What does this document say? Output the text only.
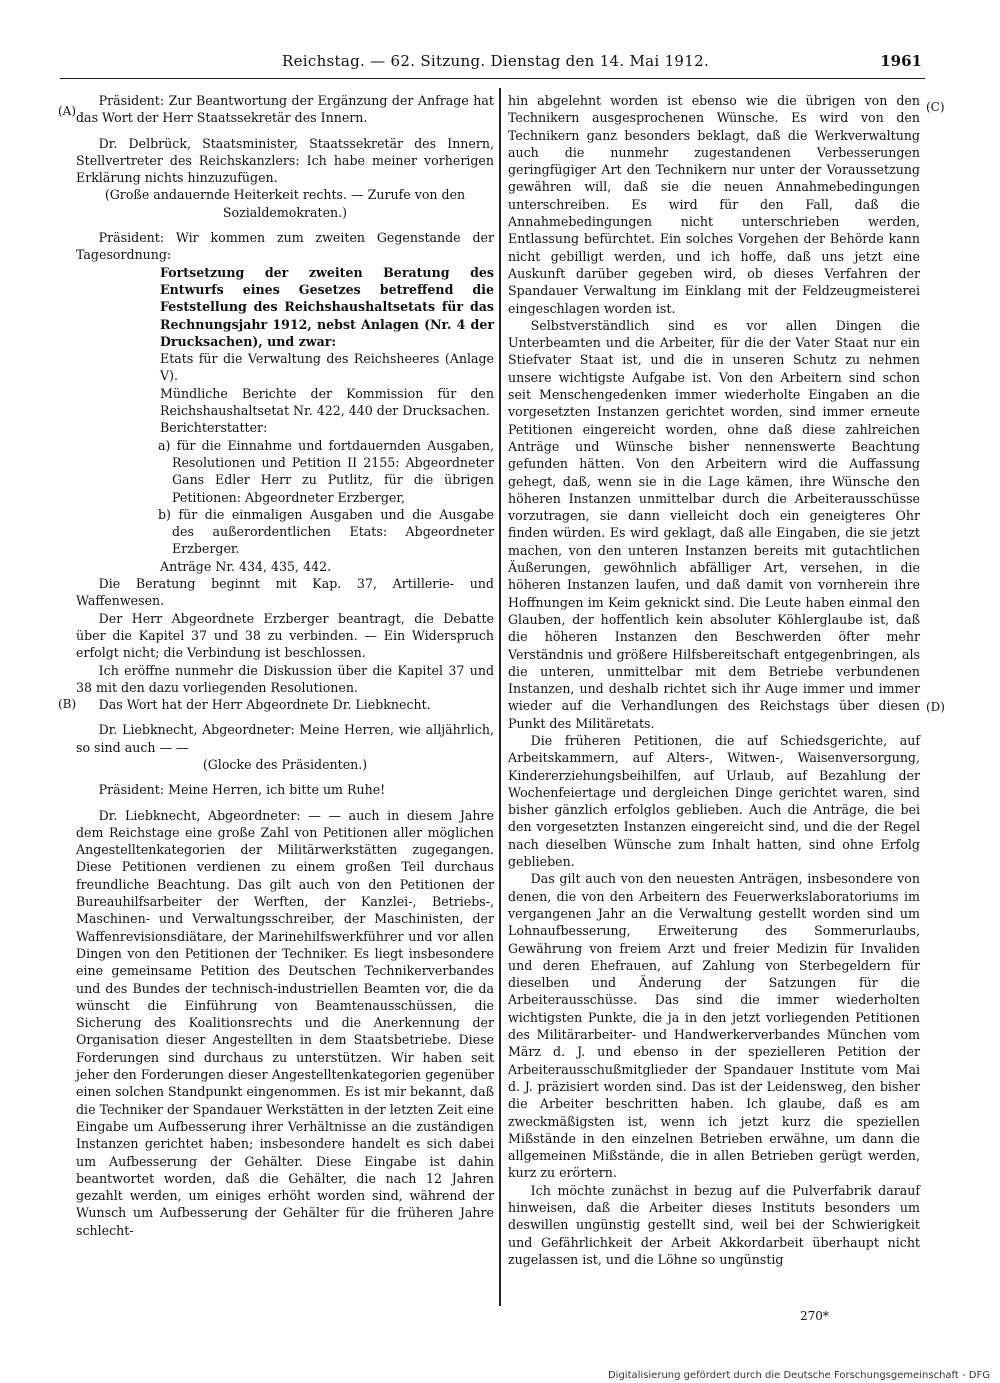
Reichstag. — 62. Sitzung. Dienstag den 14. Mai 1912.	1961
(A)
(B)
(C)
(D)

Präsident: Zur Beantwortung der Ergänzung der Anfrage hat das Wort der Herr Staatssekretär des Innern.

Dr. Delbrück, Staatsminister, Staatssekretär des Innern, Stellvertreter des Reichskanzlers: Ich habe meiner vorherigen Erklärung nichts hinzuzufügen.

(Große andauernde Heiterkeit rechts. — Zurufe von den Sozialdemokraten.)

Präsident: Wir kommen zum zweiten Gegenstande der Tagesordnung:

Fortsetzung der zweiten Beratung des Entwurfs eines Gesetzes betreffend die Feststellung des Reichshaushaltsetats für das Rechnungsjahr 1912, nebst Anlagen (Nr. 4 der Drucksachen), und zwar:

Etats für die Verwaltung des Reichsheeres (Anlage V).

Mündliche Berichte der Kommission für den Reichshaushaltsetat Nr. 422, 440 der Drucksachen.

Berichterstatter:

a) für die Einnahme und fortdauernden Ausgaben, Resolutionen und Petition II 2155: Abgeordneter Gans Edler Herr zu Putlitz, für die übrigen Petitionen: Abgeordneter Erzberger,

b) für die einmaligen Ausgaben und die Ausgabe des außerordentlichen Etats: Abgeordneter Erzberger.

Anträge Nr. 434, 435, 442.

Die Beratung beginnt mit Kap. 37, Artillerie- und Waffenwesen.

Der Herr Abgeordnete Erzberger beantragt, die Debatte über die Kapitel 37 und 38 zu verbinden. — Ein Widerspruch erfolgt nicht; die Verbindung ist beschlossen.

Ich eröffne nunmehr die Diskussion über die Kapitel 37 und 38 mit den dazu vorliegenden Resolutionen.

Das Wort hat der Herr Abgeordnete Dr. Liebknecht.

Dr. Liebknecht, Abgeordneter: Meine Herren, wie alljährlich, so sind auch — —

(Glocke des Präsidenten.)

Präsident: Meine Herren, ich bitte um Ruhe!

Dr. Liebknecht, Abgeordneter: — — auch in diesem Jahre dem Reichstage eine große Zahl von Petitionen aller möglichen Angestelltenkategorien der Militärwerkstätten zugegangen. Diese Petitionen verdienen zu einem großen Teil durchaus freundliche Beachtung. Das gilt auch von den Petitionen der Bureauhilfsarbeiter der Werften, der Kanzlei-, Betriebs-, Maschinen- und Verwaltungsschreiber, der Maschinisten, der Waffenrevisionsdiätare, der Marinehilfswerkführer und vor allen Dingen von den Petitionen der Techniker. Es liegt insbesondere eine gemeinsame Petition des Deutschen Technikerverbandes und des Bundes der technisch-industriellen Beamten vor, die da wünscht die Einführung von Beamtenausschüssen, die Sicherung des Koalitionsrechts und die Anerkennung der Organisation dieser Angestellten in dem Staatsbetriebe. Diese Forderungen sind durchaus zu unterstützen. Wir haben seit jeher den Forderungen dieser Angestelltenkategorien gegenüber einen solchen Standpunkt eingenommen. Es ist mir bekannt, daß die Techniker der Spandauer Werkstätten in der letzten Zeit eine Eingabe um Aufbesserung ihrer Verhältnisse an die zuständigen Instanzen gerichtet haben; insbesondere handelt es sich dabei um Aufbesserung der Gehälter. Diese Eingabe ist dahin beantwortet worden, daß die Gehälter, die nach 12 Jahren gezahlt werden, um einiges erhöht worden sind, während der Wunsch um Aufbesserung der Gehälter für die früheren Jahre schlecht-

hin abgelehnt worden ist ebenso wie die übrigen von den Technikern ausgesprochenen Wünsche. Es wird von den Technikern ganz besonders beklagt, daß die Werkverwaltung auch die nunmehr zugestandenen Verbesserungen geringfügiger Art den Technikern nur unter der Voraussetzung gewähren will, daß sie die neuen Annahmebedingungen unterschreiben. Es wird für den Fall, daß die Annahmebedingungen nicht unterschrieben werden, Entlassung befürchtet. Ein solches Vorgehen der Behörde kann nicht gebilligt werden, und ich hoffe, daß uns jetzt eine Auskunft darüber gegeben wird, ob dieses Verfahren der Spandauer Verwaltung im Einklang mit der Feldzeugmeisterei eingeschlagen worden ist.

Selbstverständlich sind es vor allen Dingen die Unterbeamten und die Arbeiter, für die der Vater Staat nur ein Stiefvater Staat ist, und die in unseren Schutz zu nehmen unsere wichtigste Aufgabe ist. Von den Arbeitern sind schon seit Menschengedenken immer wiederholte Eingaben an die vorgesetzten Instanzen gerichtet worden, sind immer erneute Petitionen eingereicht worden, ohne daß diese zahlreichen Anträge und Wünsche bisher nennenswerte Beachtung gefunden hätten. Von den Arbeitern wird die Auffassung gehegt, daß, wenn sie in die Lage kämen, ihre Wünsche den höheren Instanzen unmittelbar durch die Arbeiterausschüsse vorzutragen, sie dann vielleicht doch ein geneigteres Ohr finden würden. Es wird geklagt, daß alle Eingaben, die sie jetzt machen, von den unteren Instanzen bereits mit gutachtlichen Äußerungen, gewöhnlich abfälliger Art, versehen, in die höheren Instanzen laufen, und daß damit von vornherein ihre Hoffnungen im Keim geknickt sind. Die Leute haben einmal den Glauben, der hoffentlich kein absoluter Köhlerglaube ist, daß die höheren Instanzen den Beschwerden öfter mehr Verständnis und größere Hilfsbereitschaft entgegenbringen, als die unteren, unmittelbar mit dem Betriebe verbundenen Instanzen, und deshalb richtet sich ihr Auge immer und immer wieder auf die Verhandlungen des Reichstags über diesen Punkt des Militäretats.

Die früheren Petitionen, die auf Schiedsgerichte, auf Arbeitskammern, auf Alters-, Witwen-, Waisenversorgung, Kindererziehungsbeihilfen, auf Urlaub, auf Bezahlung der Wochenfeiertage und dergleichen Dinge gerichtet waren, sind bisher gänzlich erfolglos geblieben. Auch die Anträge, die bei den vorgesetzten Instanzen eingereicht sind, und die der Regel nach dieselben Wünsche zum Inhalt hatten, sind ohne Erfolg geblieben.

Das gilt auch von den neuesten Anträgen, insbesondere von denen, die von den Arbeitern des Feuerwerkslaboratoriums im vergangenen Jahr an die Verwaltung gestellt worden sind um Lohnaufbesserung, Erweiterung des Sommerurlaubs, Gewährung von freiem Arzt und freier Medizin für Invaliden und deren Ehefrauen, auf Zahlung von Sterbegeldern für dieselben und Änderung der Satzungen für die Arbeiterausschüsse. Das sind die immer wiederholten wichtigsten Punkte, die ja in den jetzt vorliegenden Petitionen des Militärarbeiter- und Handwerkerverbandes München vom März d. J. und ebenso in der spezielleren Petition der Arbeiterausschußmitglieder der Spandauer Institute vom Mai d. J. präzisiert worden sind. Das ist der Leidensweg, den bisher die Arbeiter beschritten haben. Ich glaube, daß es am zweckmäßigsten ist, wenn ich jetzt kurz die speziellen Mißstände in den einzelnen Betrieben erwähne, um dann die allgemeinen Mißstände, die in allen Betrieben gerügt werden, kurz zu erörtern.

Ich möchte zunächst in bezug auf die Pulverfabrik darauf hinweisen, daß die Arbeiter dieses Instituts besonders um deswillen ungünstig gestellt sind, weil bei der Schwierigkeit und Gefährlichkeit der Arbeit Akkordarbeit überhaupt nicht zugelassen ist, und die Löhne so ungünstig

270*
Digitalisierung gefördert durch die Deutsche Forschungsgemeinschaft - DFG
